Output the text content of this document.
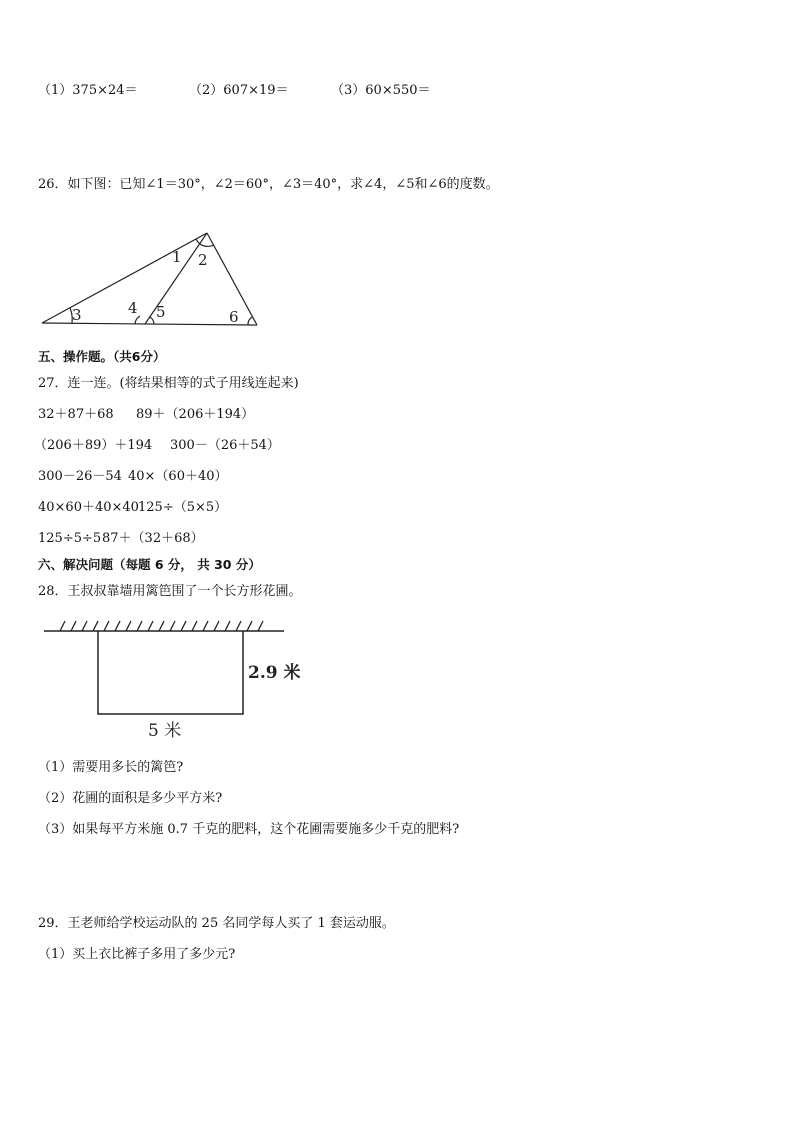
（1）375×24＝	（2）607×19＝	（3）60×550＝
26．如下图：已知∠1＝30°，∠2＝60°，∠3＝40°，求∠4，∠5和∠6的度数。
1 2
3	4 5	6
五、操作题。（共6分）
27．连一连。(将结果相等的式子用线连起来)
32＋87＋68 89＋（206＋194）
（206＋89）＋194 300－（26＋54）
300－26－54 40×（60＋40）
40×60＋40×40 125÷（5×5）
125÷5÷5 87＋（32＋68）
六、解决问题（每题 6 分， 共 30 分）
28．王叔叔靠墙用篱笆围了一个长方形花圃。
2.9 米
5 米
（1）需要用多长的篱笆?
（2）花圃的面积是多少平方米?
（3）如果每平方米施 0.7 千克的肥料，这个花圃需要施多少千克的肥料?
29．王老师给学校运动队的 25 名同学每人买了 1 套运动服。
（1）买上衣比裤子多用了多少元?
